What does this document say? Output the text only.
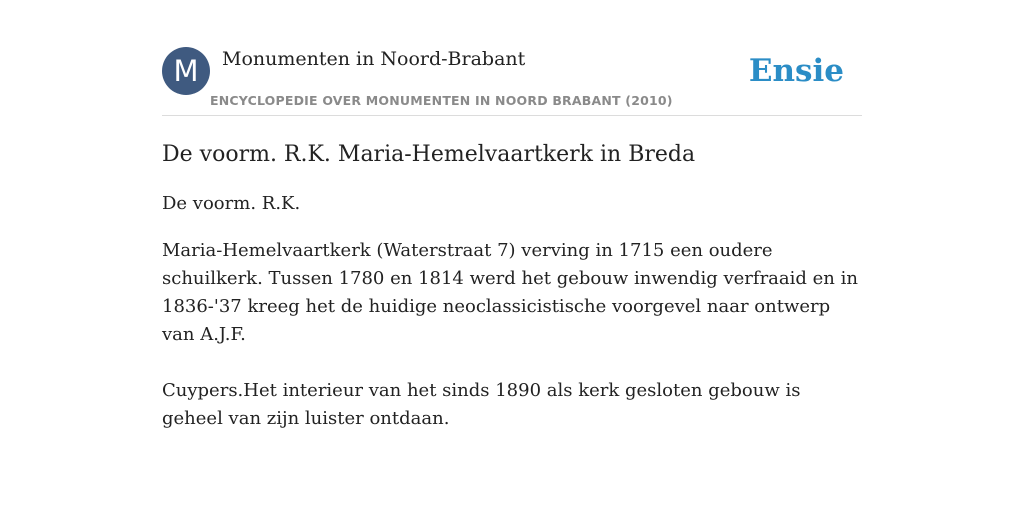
M	Monumenten in Noord-Brabant
ENCYCLOPEDIE OVER MONUMENTEN IN NOORD BRABANT (2010)
Ensie
De voorm. R.K. Maria-Hemelvaartkerk in Breda

De voorm. R.K.

Maria-Hemelvaartkerk (Waterstraat 7) verving in 1715 een oudere schuilkerk. Tussen 1780 en 1814 werd het gebouw inwendig verfraaid en in 1836-'37 kreeg het de huidige neoclassicistische voorgevel naar ontwerp van A.J.F.

Cuypers.Het interieur van het sinds 1890 als kerk gesloten gebouw is geheel van zijn luister ontdaan.
